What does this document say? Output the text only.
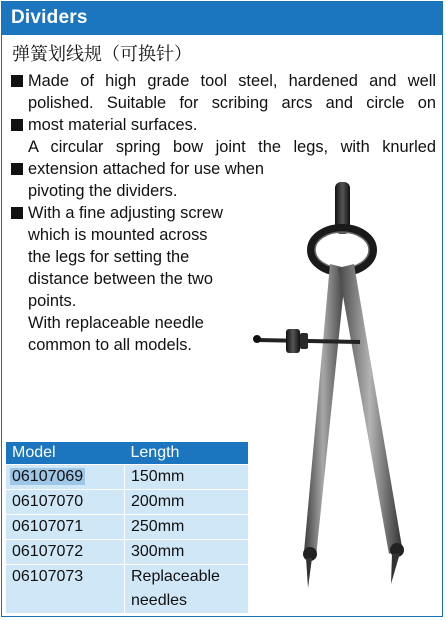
Dividers
弹簧划线规（可换针）
Made of high grade tool steel, hardened and well
polished. Suitable for scribing arcs and circle on
most material surfaces.
A circular spring bow joint the legs, with knurled
extension attached for use when
pivoting the dividers.
With a fine adjusting screw
which is mounted across
the legs for setting the
distance between the two
points.
With replaceable needle
common to all models.
Model	Length
06107069	150mm
06107070	200mm
06107071	250mm
06107072	300mm
06107073	Replaceable
needles
